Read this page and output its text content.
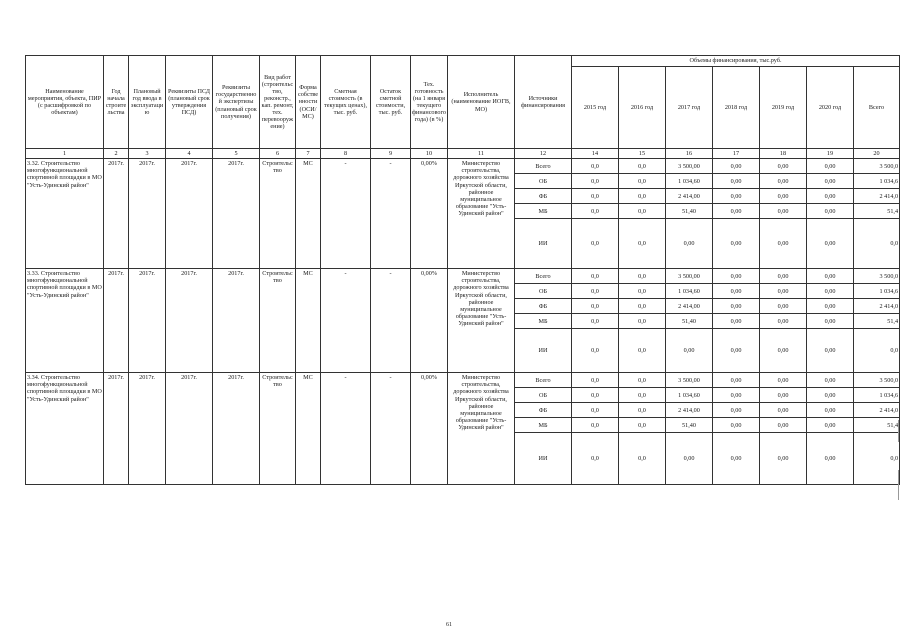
Наименование мероприятия, объекта, ПИР (с расшифровкой по объектам)	Год начала строительства	Плановый год ввода в эксплуатацию	Реквизиты ПСД (плановый срок утверждения ПСД)	Реквизиты государственной экспертизы (плановый срок получения)	Вид работ (строительство, реконстр., кап. ремонт, тех. перевооружение)	Форма собственности (ОСИ/МС)	Сметная стоимость (в текущих ценах), тыс. руб.	Остаток сметной стоимости, тыс. руб.	Тех. готовность (на 1 января текущего финансового года) (в %)	Исполнитель (наименование ИОГВ, МО)	Источники финансирования	Объемы финансирования, тыс.руб.						
												2015 год	2016 год	2017 год	2018 год	2019 год	2020 год	Всего
1	2	3	4	5	6	7	8	9	10	11	12	14	15	16	17	18	19	20
3.32. Строительство многофункциональной спортивной площадки в МО "Усть-Удинский район"	2017г.	2017г.	2017г.	2017г.	Строительство	МС	-	-	0,00%	Министерство строительства, дорожного хозяйства Иркутской области, районное муниципальное образование "Усть-Удинский район"	Всего	0,0	0,0	3 500,00	0,00	0,00	0,00	3 500,0
											ОБ	0,0	0,0	1 034,60	0,00	0,00	0,00	1 034,6
											ФБ	0,0	0,0	2 414,00	0,00	0,00	0,00	2 414,0
											МБ	0,0	0,0	51,40	0,00	0,00	0,00	51,4
											ИИ	0,0	0,0	0,00	0,00	0,00	0,00	0,0
3.33. Строительство многофункциональной спортивной площадки в МО "Усть-Удинский район"	2017г.	2017г.	2017г.	2017г.	Строительство	МС	-	-	0,00%	Министерство строительства, дорожного хозяйства Иркутской области, районное муниципальное образование "Усть-Удинский район"	Всего	0,0	0,0	3 500,00	0,00	0,00	0,00	3 500,0
											ОБ	0,0	0,0	1 034,60	0,00	0,00	0,00	1 034,6
											ФБ	0,0	0,0	2 414,00	0,00	0,00	0,00	2 414,0
											МБ	0,0	0,0	51,40	0,00	0,00	0,00	51,4
											ИИ	0,0	0,0	0,00	0,00	0,00	0,00	0,0
3.34. Строительство многофункциональной спортивной площадки в МО "Усть-Удинский район"	2017г.	2017г.	2017г.	2017г.	Строительство	МС	-	-	0,00%	Министерство строительства, дорожного хозяйства Иркутской области, районное муниципальное образование "Усть-Удинский район"	Всего	0,0	0,0	3 500,00	0,00	0,00	0,00	3 500,0
											ОБ	0,0	0,0	1 034,60	0,00	0,00	0,00	1 034,6
											ФБ	0,0	0,0	2 414,00	0,00	0,00	0,00	2 414,0
											МБ	0,0	0,0	51,40	0,00	0,00	0,00	51,4
											ИИ	0,0	0,0	0,00	0,00	0,00	0,00	0,0
61
